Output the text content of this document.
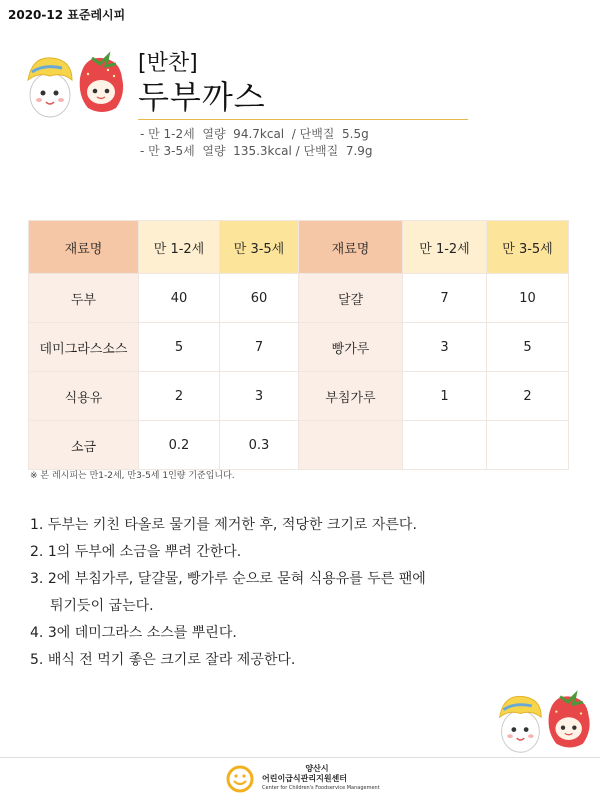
2020-12 표준레시피
[반찬]
두부까스
- 만 1-2세  열량  94.7kcal  / 단백질  5.5g
- 만 3-5세  열량  135.3kcal / 단백질  7.9g
재료명	만 1-2세	만 3-5세	재료명	만 1-2세	만 3-5세
두부	40	60	달걀	7	10
데미그라스소스	5	7	빵가루	3	5
식용유	2	3	부침가루	1	2
소금	0.2	0.3			
※ 본 레시피는 만1-2세, 만3-5세 1인량 기준입니다.
1. 두부는 키친 타올로 물기를 제거한 후, 적당한 크기로 자른다.
2. 1의 두부에 소금을 뿌려 간한다.
3. 2에 부침가루, 달걀물, 빵가루 순으로 묻혀 식용유를 두른 팬에
튀기듯이 굽는다.
4. 3에 데미그라스 소스를 뿌린다.
5. 배식 전 먹기 좋은 크기로 잘라 제공한다.
양산시
어린이급식관리지원센터
Center for Children's Foodservice Management
